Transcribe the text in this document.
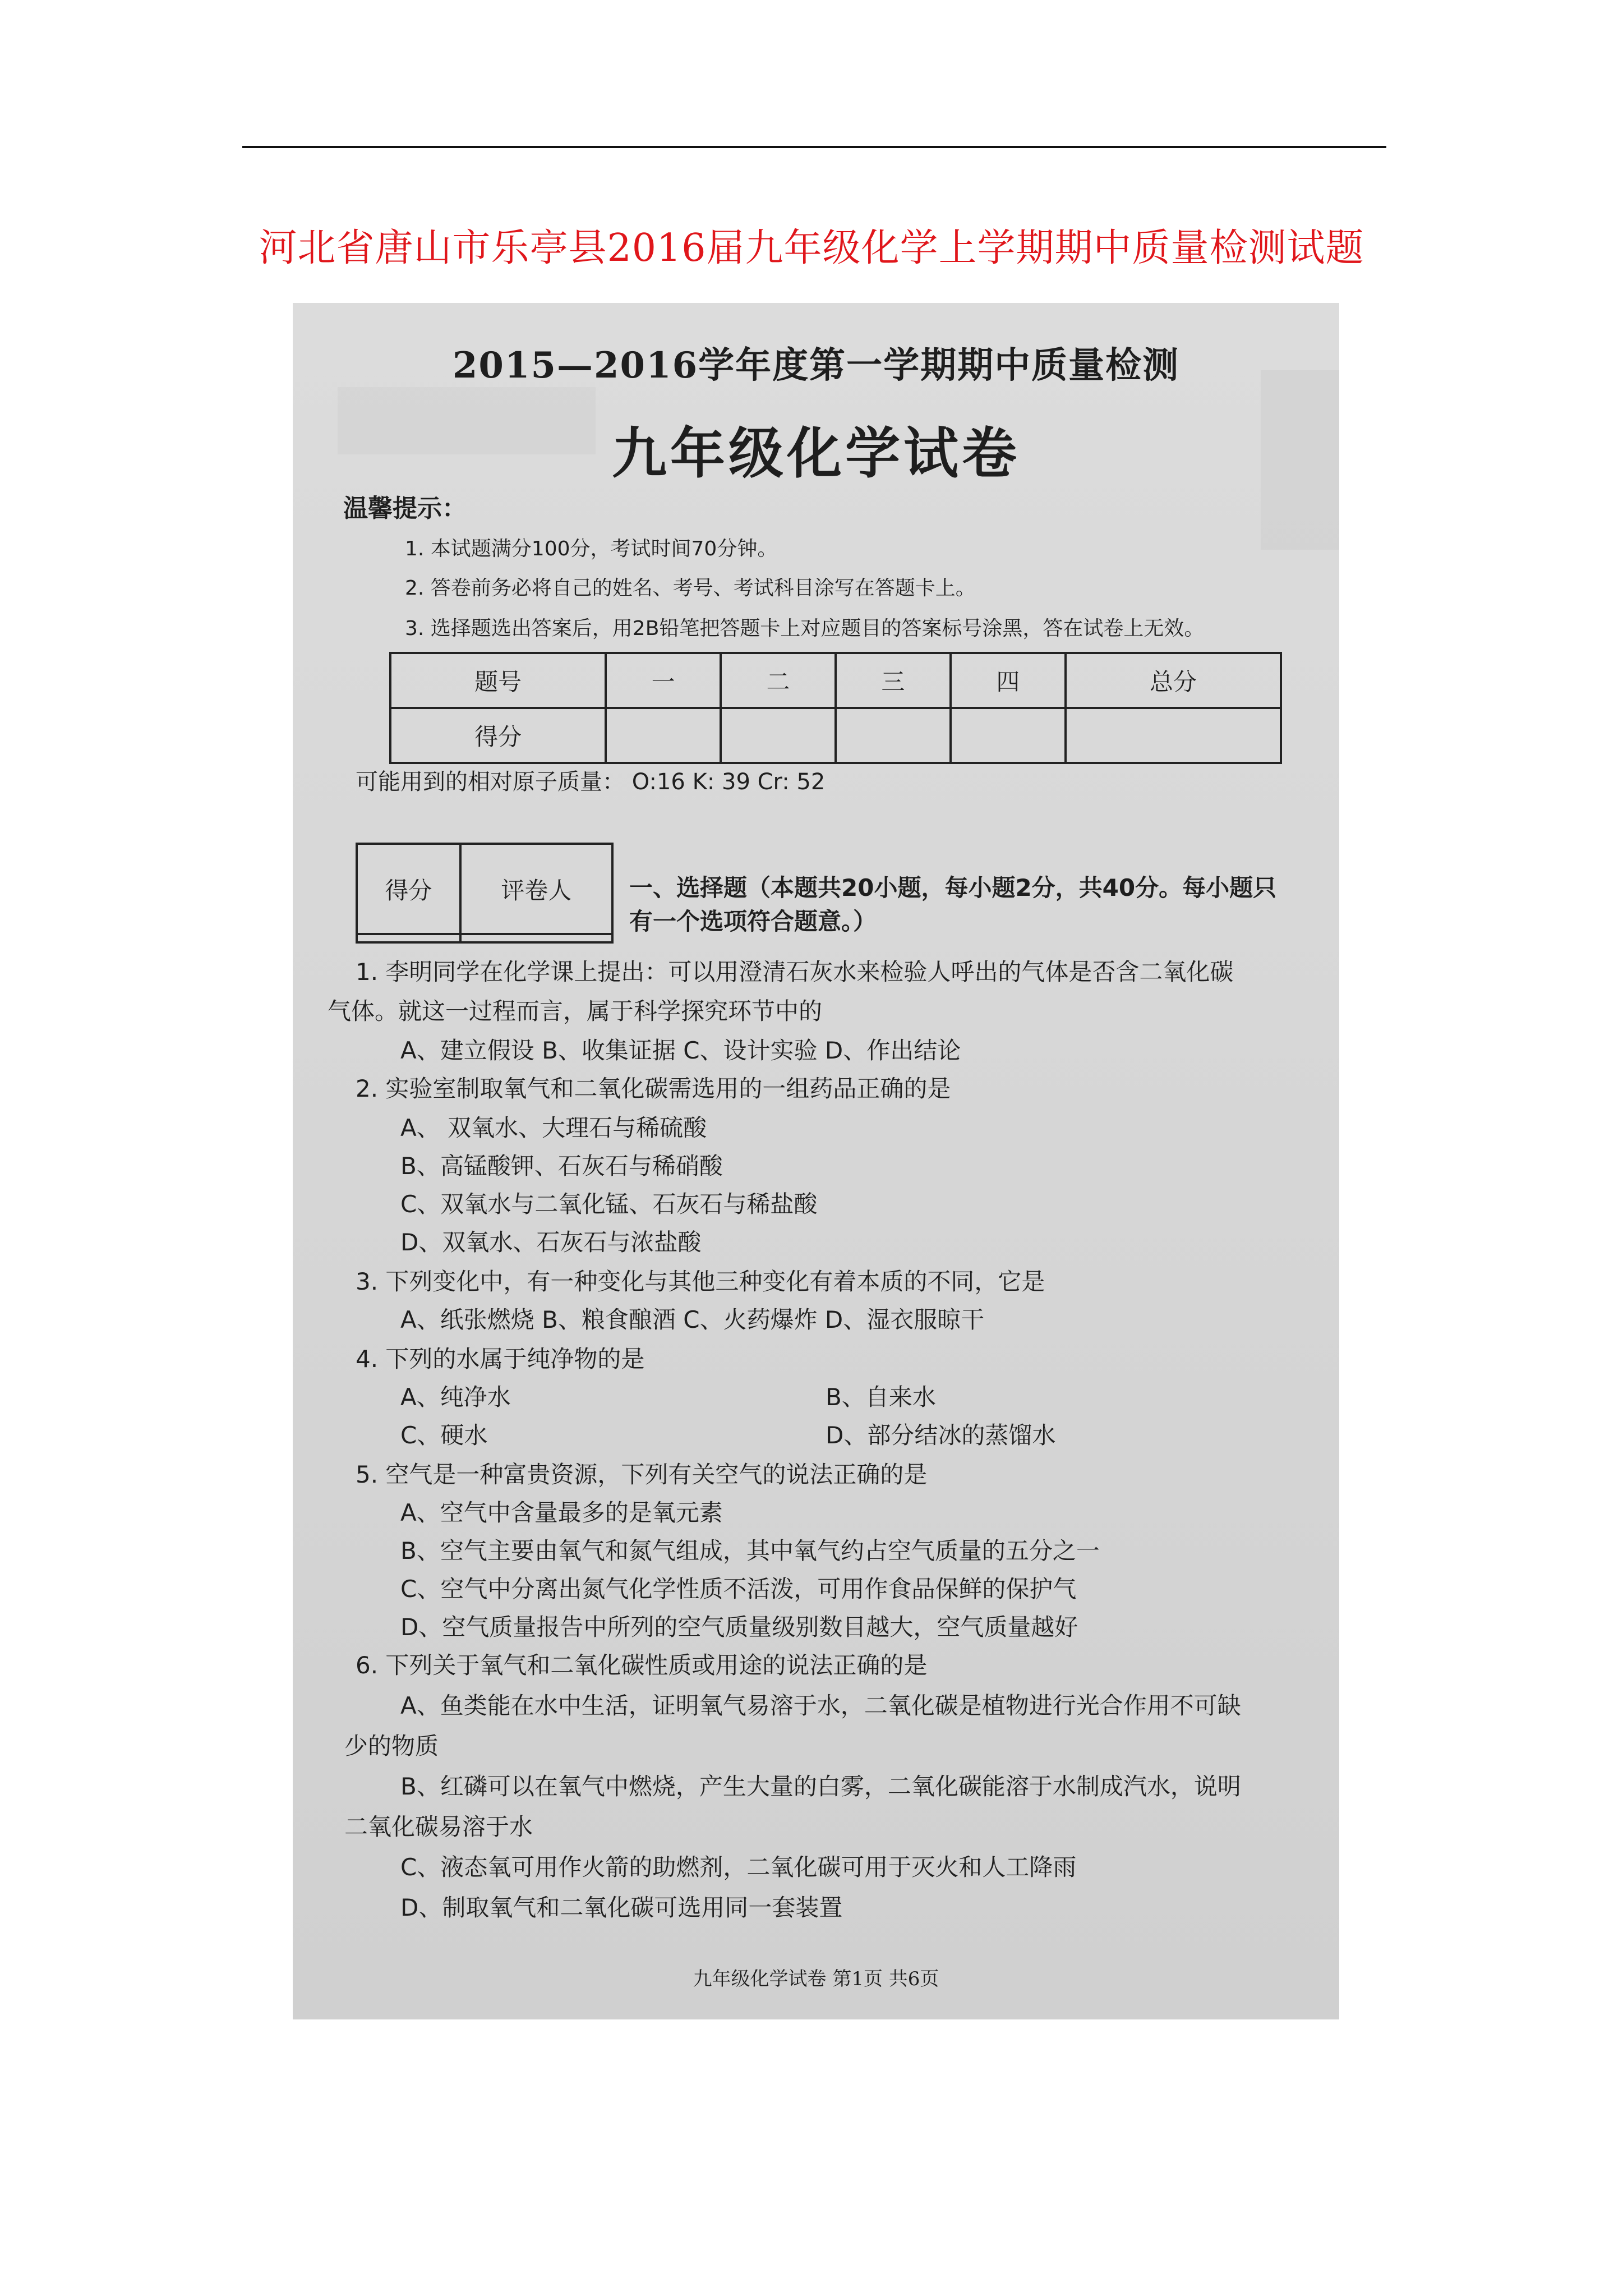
河北省唐山市乐亭县2016届九年级化学上学期期中质量检测试题
2015—2016学年度第一学期期中质量检测
九年级化学试卷
温馨提示：
1. 本试题满分100分，考试时间70分钟。
2. 答卷前务必将自己的姓名、考号、考试科目涂写在答题卡上。
3. 选择题选出答案后，用2B铅笔把答题卡上对应题目的答案标号涂黑，答在试卷上无效。
题号	一	二	三	四	总分
得分					
可能用到的相对原子质量： O:16 K: 39 Cr: 52
得分	评卷人
	一、选择题（本题共20小题，每小题2分，共40分。每小题只
有一个选项符合题意。）
1. 李明同学在化学课上提出：可以用澄清石灰水来检验人呼出的气体是否含二氧化碳
气体。就这一过程而言，属于科学探究环节中的
A、建立假设 B、收集证据 C、设计实验 D、作出结论
2. 实验室制取氧气和二氧化碳需选用的一组药品正确的是
A、 双氧水、大理石与稀硫酸
B、高锰酸钾、石灰石与稀硝酸
C、双氧水与二氧化锰、石灰石与稀盐酸
D、双氧水、石灰石与浓盐酸
3. 下列变化中，有一种变化与其他三种变化有着本质的不同，它是
A、纸张燃烧 B、粮食酿酒 C、火药爆炸 D、湿衣服晾干
4. 下列的水属于纯净物的是
A、纯净水	B、自来水
C、硬水	D、部分结冰的蒸馏水
5. 空气是一种富贵资源，下列有关空气的说法正确的是
A、空气中含量最多的是氧元素
B、空气主要由氧气和氮气组成，其中氧气约占空气质量的五分之一
C、空气中分离出氮气化学性质不活泼，可用作食品保鲜的保护气
D、空气质量报告中所列的空气质量级别数目越大，空气质量越好
6. 下列关于氧气和二氧化碳性质或用途的说法正确的是
A、鱼类能在水中生活，证明氧气易溶于水，二氧化碳是植物进行光合作用不可缺
少的物质
B、红磷可以在氧气中燃烧，产生大量的白雾，二氧化碳能溶于水制成汽水，说明
二氧化碳易溶于水
C、液态氧可用作火箭的助燃剂，二氧化碳可用于灭火和人工降雨
D、制取氧气和二氧化碳可选用同一套装置
九年级化学试卷 第1页 共6页
